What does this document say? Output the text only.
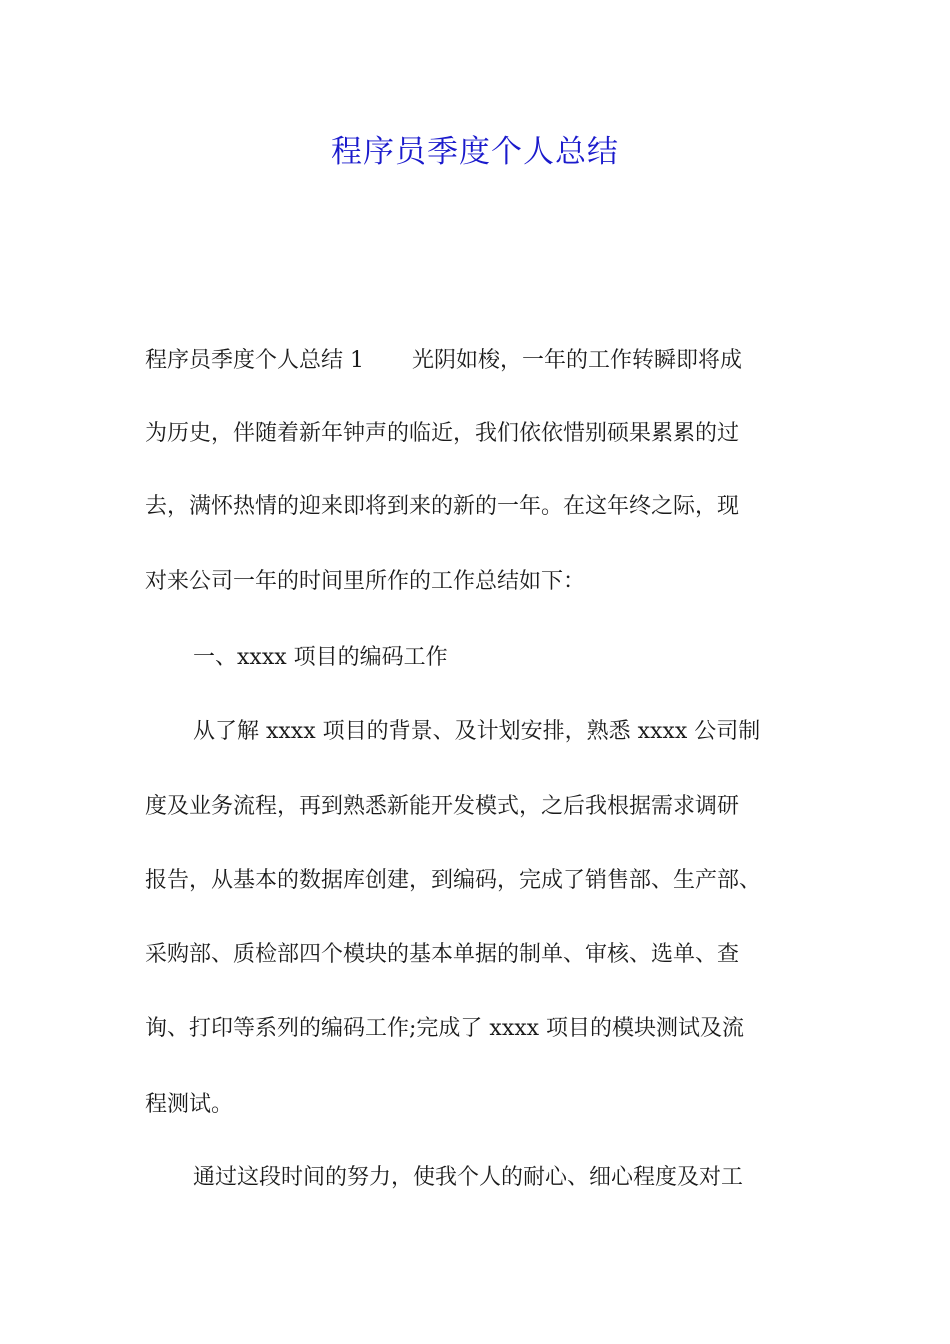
程序员季度个人总结
程序员季度个人总结 1 光阴如梭，一年的工作转瞬即将成
为历史，伴随着新年钟声的临近，我们依依惜别硕果累累的过
去，满怀热情的迎来即将到来的新的一年。在这年终之际，现
对来公司一年的时间里所作的工作总结如下：
一、xxxx 项目的编码工作
从了解 xxxx 项目的背景、及计划安排，熟悉 xxxx 公司制
度及业务流程，再到熟悉新能开发模式，之后我根据需求调研
报告，从基本的数据库创建，到编码，完成了销售部、生产部、
采购部、质检部四个模块的基本单据的制单、审核、选单、查
询、打印等系列的编码工作;完成了 xxxx 项目的模块测试及流
程测试。
通过这段时间的努力，使我个人的耐心、细心程度及对工
